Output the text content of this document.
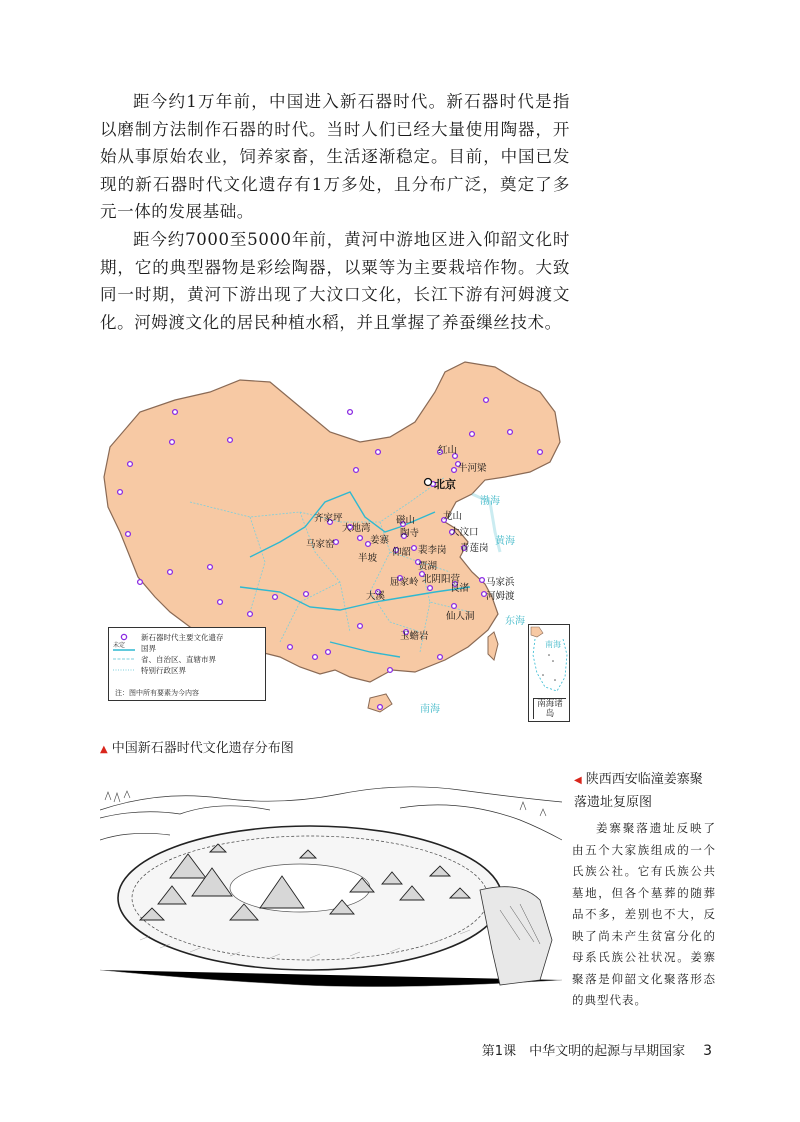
距今约1万年前，中国进入新石器时代。新石器时代是指以磨制方法制作石器的时代。当时人们已经大量使用陶器，开始从事原始农业，饲养家畜，生活逐渐稳定。目前，中国已发现的新石器时代文化遗存有1万多处，且分布广泛，奠定了多元一体的发展基础。

距今约7000至5000年前，黄河中游地区进入仰韶文化时期，它的典型器物是彩绘陶器，以粟等为主要栽培作物。大致同一时期，黄河下游出现了大汶口文化，长江下游有河姆渡文化。河姆渡文化的居民种植水稻，并且掌握了养蚕缫丝技术。

北京
红山
牛河梁
齐家坪
大地湾
马家窑	姜寨
半坡
磁山
陶寺
仰韶 裴李岗
龙山
大汶口
青莲岗
贾湖
北阴阳营
屈家岭
良渚
马家浜
河姆渡
大溪
仙人洞
玉蟾岩
渤海
黄海
东海
南海
新石器时代主要文化遗存
未定 国界
省、自治区、直辖市界
特别行政区界
注：图中所有要素为今内容
南海
南海诸岛
▲ 中国新石器时代文化遗存分布图
◀ 陕西西安临潼姜寨聚落遗址复原图

姜寨聚落遗址反映了由五个大家族组成的一个氏族公社。它有氏族公共墓地，但各个墓葬的随葬品不多，差别也不大，反映了尚未产生贫富分化的母系氏族公社状况。姜寨聚落是仰韶文化聚落形态的典型代表。

第1课　中华文明的起源与早期国家 3
